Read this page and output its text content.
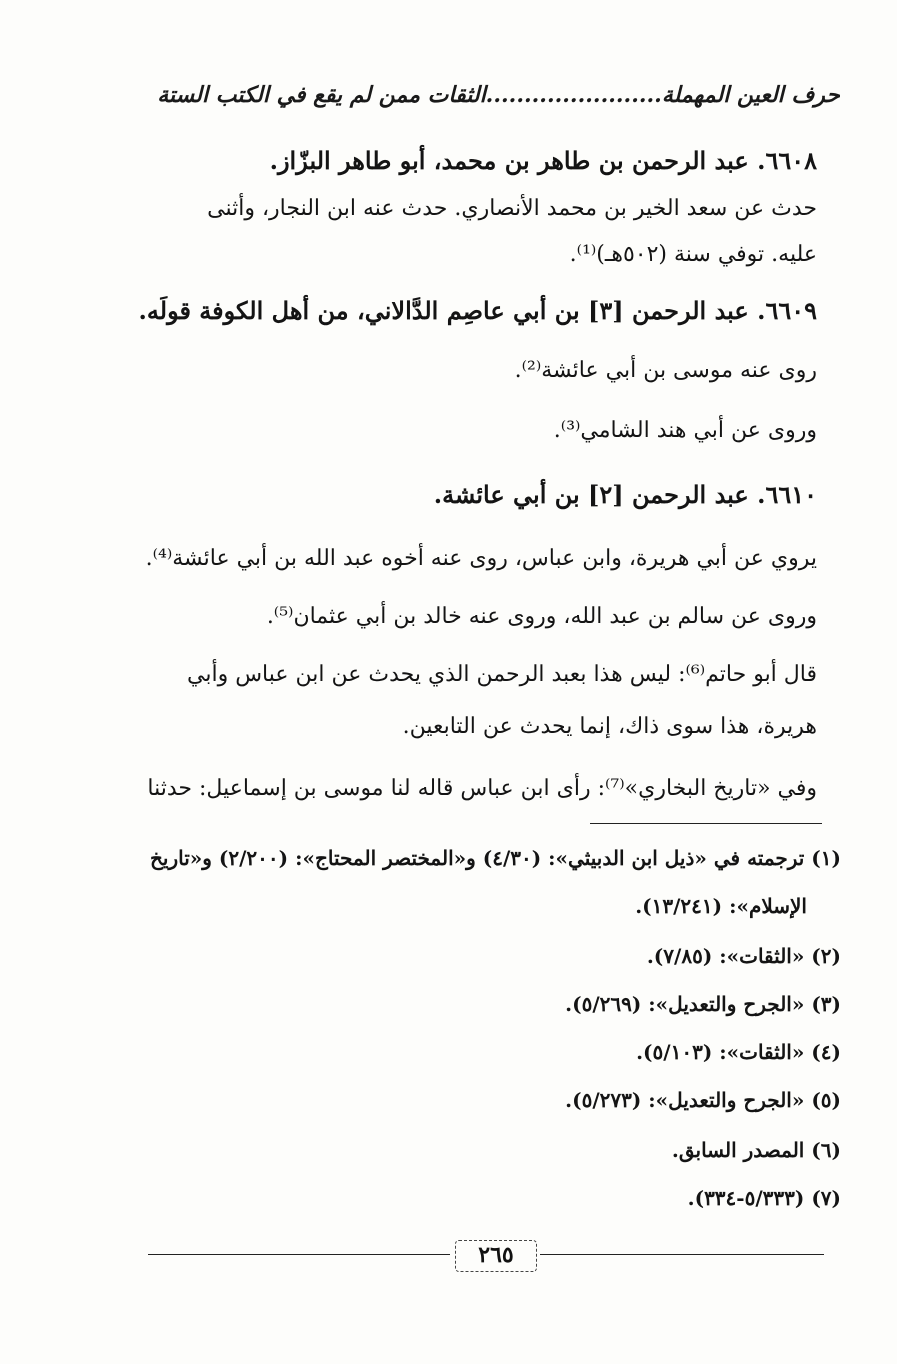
حرف العين المهملة.......................الثقات ممن لم يقع في الكتب الستة
٦٦٠٨. عبد الرحمن بن طاهر بن محمد، أبو طاهر البزّاز.
حدث عن سعد الخير بن محمد الأنصاري. حدث عنه ابن النجار، وأثنى
عليه. توفي سنة (٥٠٢هـ)⁽¹⁾.
٦٦٠٩. عبد الرحمن [٣] بن أبي عاصِم الدَّالاني، من أهل الكوفة قولَه.
روى عنه موسى بن أبي عائشة⁽²⁾.
وروى عن أبي هند الشامي⁽³⁾.
٦٦١٠. عبد الرحمن [٢] بن أبي عائشة.
يروي عن أبي هريرة، وابن عباس، روى عنه أخوه عبد الله بن أبي عائشة⁽⁴⁾.
وروى عن سالم بن عبد الله، وروى عنه خالد بن أبي عثمان⁽⁵⁾.
قال أبو حاتم⁽⁶⁾: ليس هذا بعبد الرحمن الذي يحدث عن ابن عباس وأبي
هريرة، هذا سوى ذاك، إنما يحدث عن التابعين.
وفي «تاريخ البخاري»⁽⁷⁾: رأى ابن عباس قاله لنا موسى بن إسماعيل: حدثنا
(١) ترجمته في «ذيل ابن الدبيثي»: (٤/٣٠) و«المختصر المحتاج»: (٢/٢٠٠) و«تاريخ
الإسلام»: (١٣/٢٤١).
(٢) «الثقات»: (٧/٨٥).
(٣) «الجرح والتعديل»: (٥/٢٦٩).
(٤) «الثقات»: (٥/١٠٣).
(٥) «الجرح والتعديل»: (٥/٢٧٣).
(٦) المصدر السابق.
(٧) (٥/٣٣٣-٣٣٤).
٢٦٥
